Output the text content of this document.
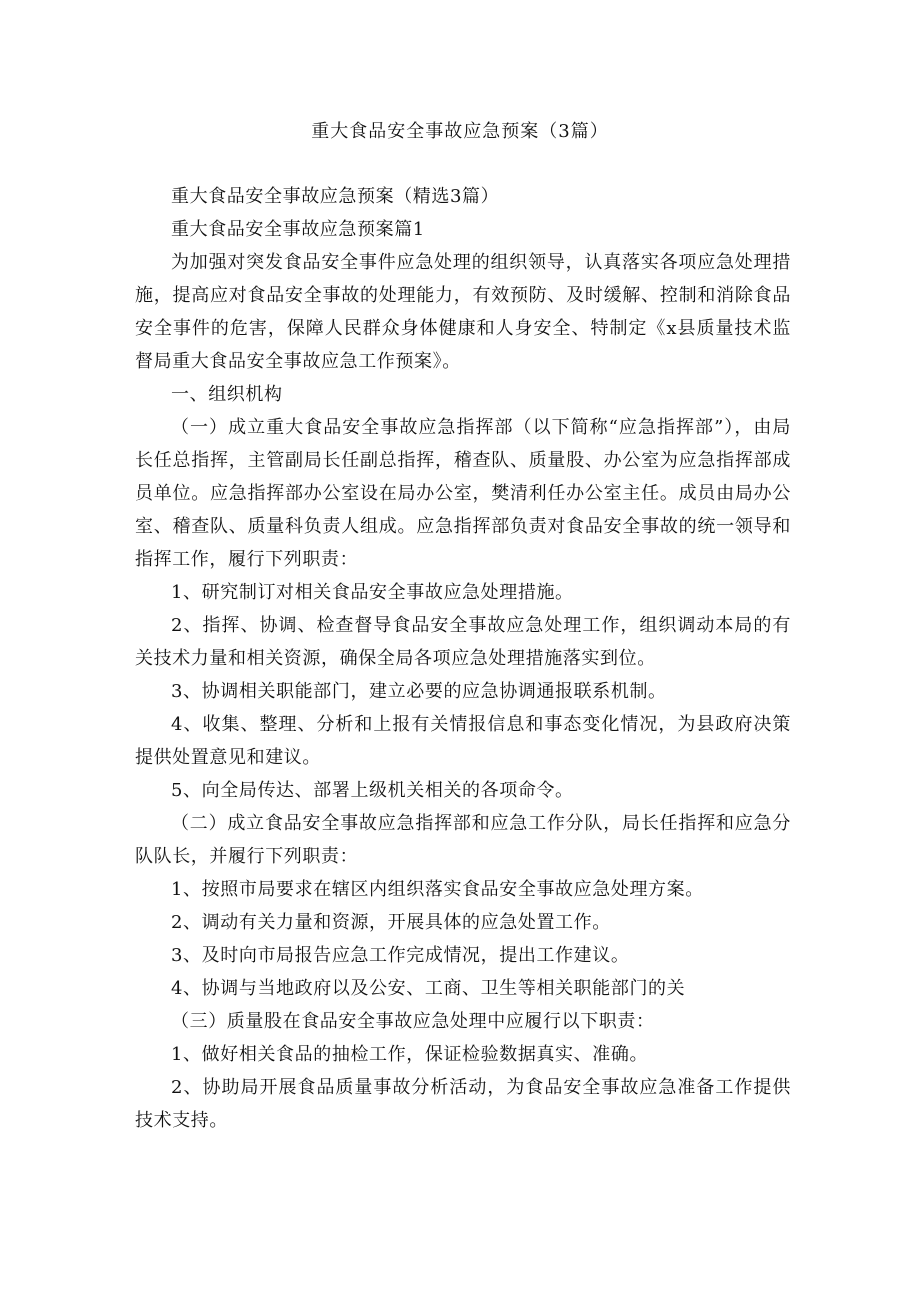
重大食品安全事故应急预案（3篇）

重大食品安全事故应急预案（精选3篇）

重大食品安全事故应急预案篇1

为加强对突发食品安全事件应急处理的组织领导，认真落实各项应急处理措施，提高应对食品安全事故的处理能力，有效预防、及时缓解、控制和消除食品安全事件的危害，保障人民群众身体健康和人身安全、特制定《x县质量技术监督局重大食品安全事故应急工作预案》。

一、组织机构

（一）成立重大食品安全事故应急指挥部（以下简称“应急指挥部”），由局长任总指挥，主管副局长任副总指挥，稽查队、质量股、办公室为应急指挥部成员单位。应急指挥部办公室设在局办公室，樊清利任办公室主任。成员由局办公室、稽查队、质量科负责人组成。应急指挥部负责对食品安全事故的统一领导和指挥工作，履行下列职责：

1、研究制订对相关食品安全事故应急处理措施。

2、指挥、协调、检查督导食品安全事故应急处理工作，组织调动本局的有关技术力量和相关资源，确保全局各项应急处理措施落实到位。

3、协调相关职能部门，建立必要的应急协调通报联系机制。

4、收集、整理、分析和上报有关情报信息和事态变化情况，为县政府决策提供处置意见和建议。

5、向全局传达、部署上级机关相关的各项命令。

（二）成立食品安全事故应急指挥部和应急工作分队，局长任指挥和应急分队队长，并履行下列职责：

1、按照市局要求在辖区内组织落实食品安全事故应急处理方案。

2、调动有关力量和资源，开展具体的应急处置工作。

3、及时向市局报告应急工作完成情况，提出工作建议。

4、协调与当地政府以及公安、工商、卫生等相关职能部门的关

（三）质量股在食品安全事故应急处理中应履行以下职责：

1、做好相关食品的抽检工作，保证检验数据真实、准确。

2、协助局开展食品质量事故分析活动，为食品安全事故应急准备工作提供技术支持。
